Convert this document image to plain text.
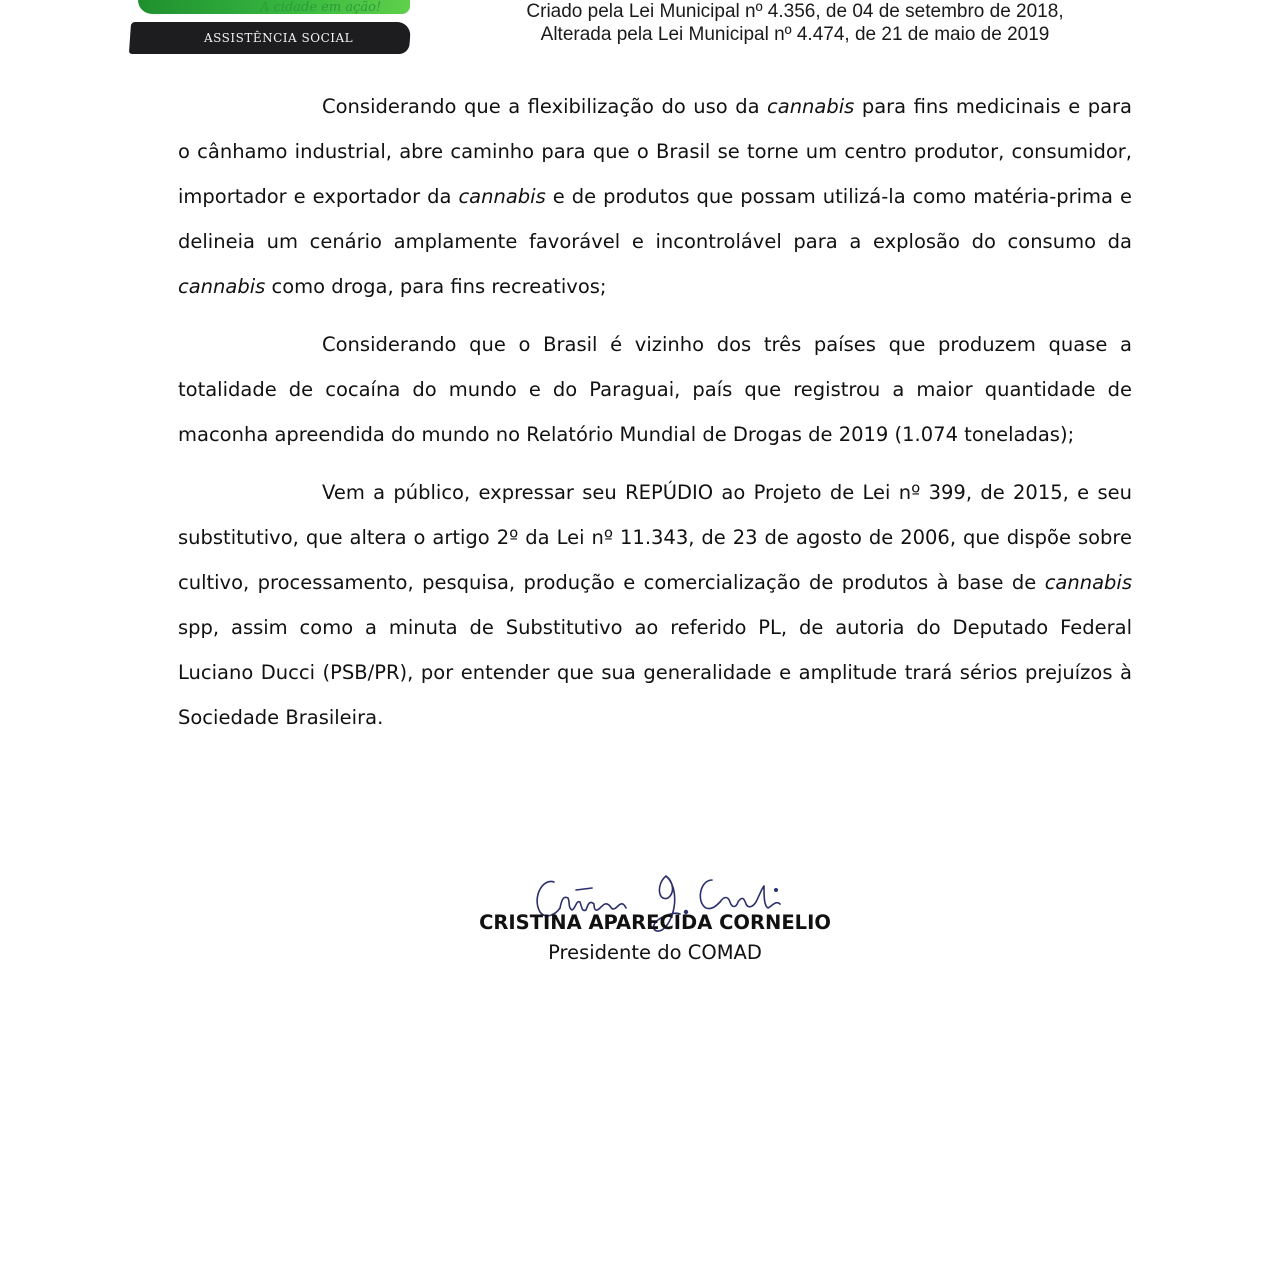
A cidade em ação!
ASSISTÊNCIA SOCIAL
Criado pela Lei Municipal nº 4.356, de 04 de setembro de 2018,
Alterada pela Lei Municipal nº 4.474, de 21 de maio de 2019

Considerando que a flexibilização do uso da cannabis para fins medicinais e para o cânhamo industrial, abre caminho para que o Brasil se torne um centro produtor, consumidor, importador e exportador da cannabis e de produtos que possam utilizá-la como matéria-prima e delineia um cenário amplamente favorável e incontrolável para a explosão do consumo da cannabis como droga, para fins recreativos;

Considerando que o Brasil é vizinho dos três países que produzem quase a totalidade de cocaína do mundo e do Paraguai, país que registrou a maior quantidade de maconha apreendida do mundo no Relatório Mundial de Drogas de 2019 (1.074 toneladas);

Vem a público, expressar seu REPÚDIO ao Projeto de Lei nº 399, de 2015, e seu substitutivo, que altera o artigo 2º da Lei nº 11.343, de 23 de agosto de 2006, que dispõe sobre cultivo, processamento, pesquisa, produção e comercialização de produtos à base de cannabis spp, assim como a minuta de Substitutivo ao referido PL, de autoria do Deputado Federal Luciano Ducci (PSB/PR), por entender que sua generalidade e amplitude trará sérios prejuízos à Sociedade Brasileira.

CRISTINA APARECIDA CORNELIO
Presidente do COMAD
